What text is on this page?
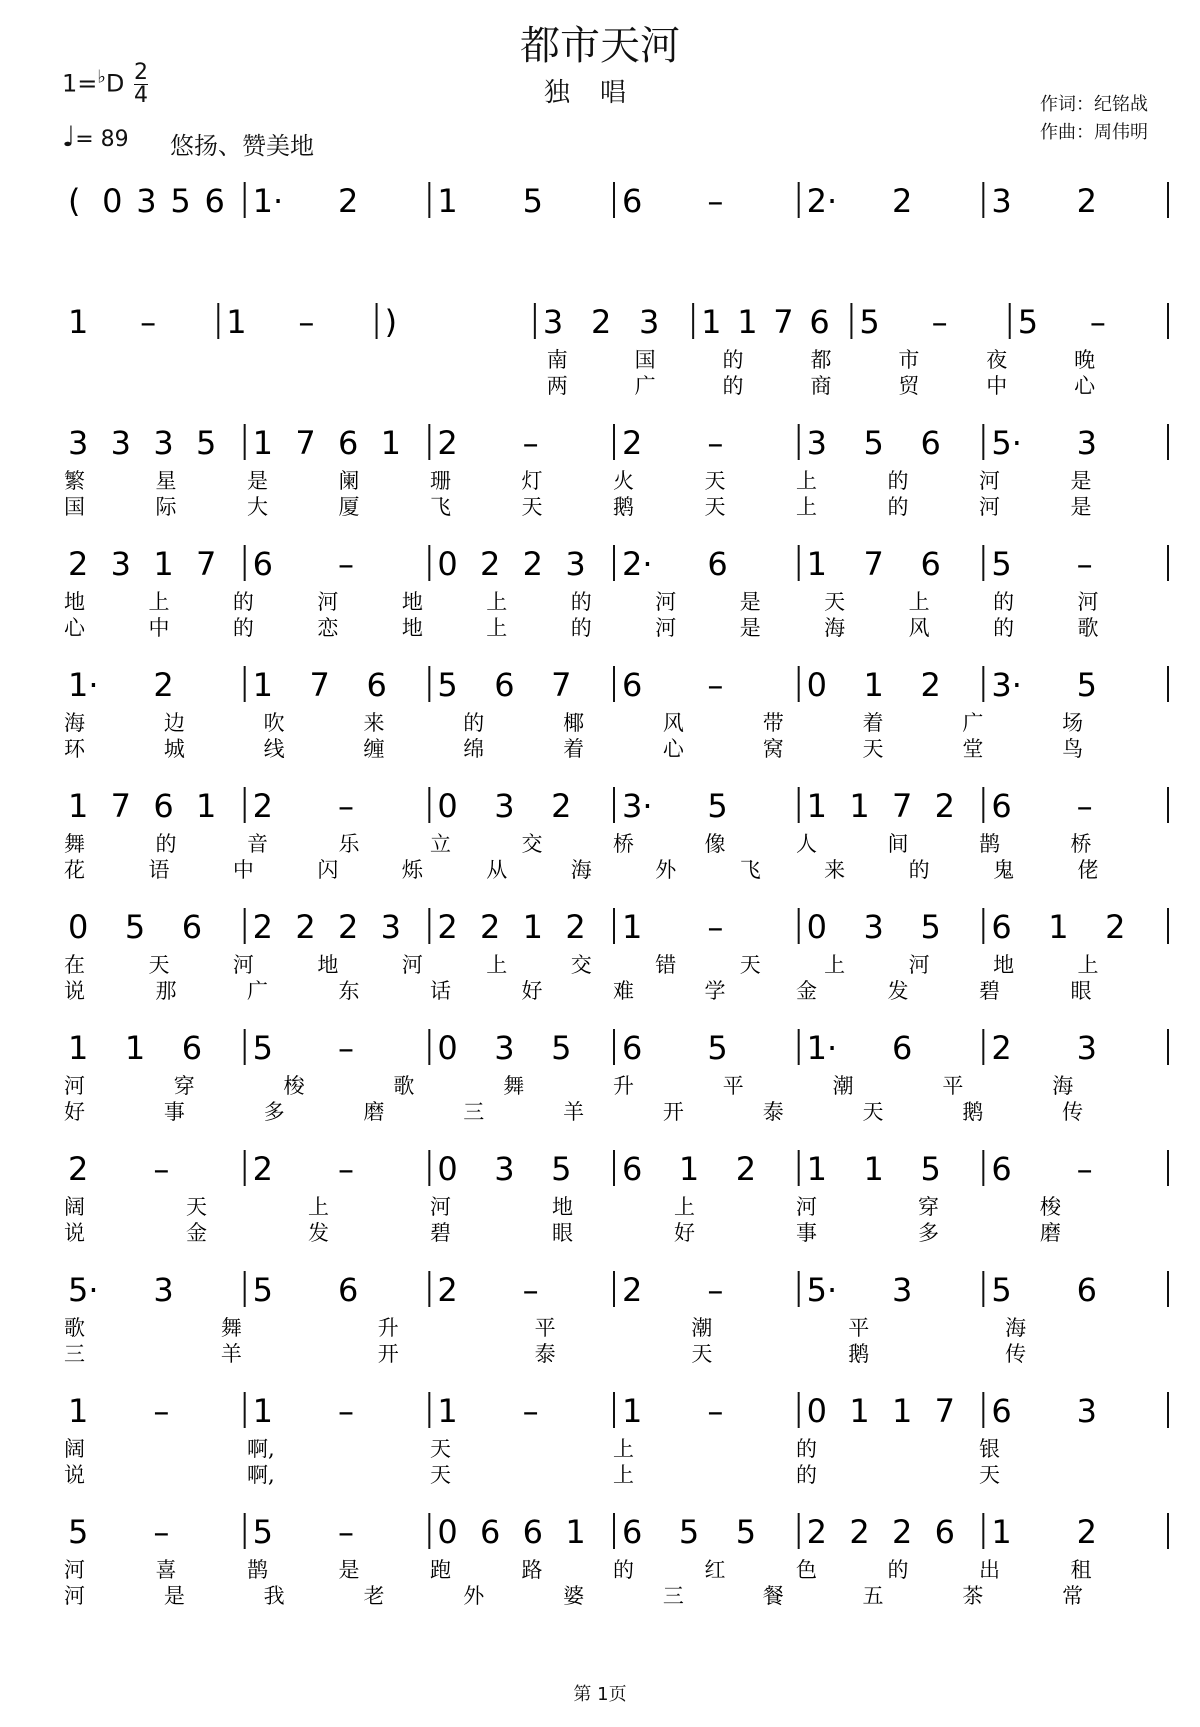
都市天河
独唱
$1=^♭D \frac{2}{4}$
♩= 89 悠扬、赞美地
作词：纪铭战
作曲：周伟明
第 1页
( 0 3 5 6 1· 2 1 5 6 –	2· 2 3 2
1 – 1 – )	3 2 3 1 1 7 6 5 – 5 –
南	国	的	都	市	夜	晚
两	广	的	商	贸	中	心
3 3 3 5 1 7 6 1 2 –	2 –	3 5 6 5· 3
繁	星	是	阑	珊	灯	火	天	上	的	河	是
国	际	大	厦	飞	天	鹅	天	上	的	河	是
2 3 1 7 6 –	0 2 2 3 2· 6 1 7 6 5 –
地	上	的	河	地	上	的	河	是	天	上	的	河
心	中	的	恋	地	上	的	河	是	海	风	的	歌
1· 2 1 7 6 5 6 7 6 –	0 1 2 3· 5
海	边	吹	来	的	椰	风	带	着	广	场
环	城	线	缠	绵	着	心	窝	天	堂	鸟
1 7 6 1 2 –	0 3 2 3· 5 1 1 7 2 6 –
舞	的	音	乐	立	交	桥	像	人	间	鹊	桥
花	语	中	闪	烁	从	海	外	飞	来	的	鬼	佬
0 5 6 2 2 2 3 2 2 1 2 1 –	0 3 5 6 1 2
在	天	河	地	河	上	交	错	天	上	河	地	上
说	那	广	东	话	好	难	学	金	发	碧	眼
1 1 6 5 –	0 3 5 6 5 1· 6 2 3
河	穿	梭	歌	舞	升	平	潮	平	海
好	事	多	磨	三	羊	开	泰	天	鹅	传
2 –	2 –	0 3 5 6 1 2 1 1 5 6 –
阔	天	上	河	地	上	河	穿	梭
说	金	发	碧	眼	好	事	多	磨
5· 3 5 6 2 –	2 –	5· 3 5 6
歌	舞	升	平	潮	平	海
三	羊	开	泰	天	鹅	传
1 –	1 –	1 –	1 –	0 1 1 7 6 3
阔	啊,	天	上	的	银
说	啊,	天	上	的	天
5 –	5 –	0 6 6 1 6 5 5 2 2 2 6 1 2
河	喜	鹊	是	跑	路	的	红	色	的	出	租
河	是	我	老	外	婆	三	餐	五	茶	常
